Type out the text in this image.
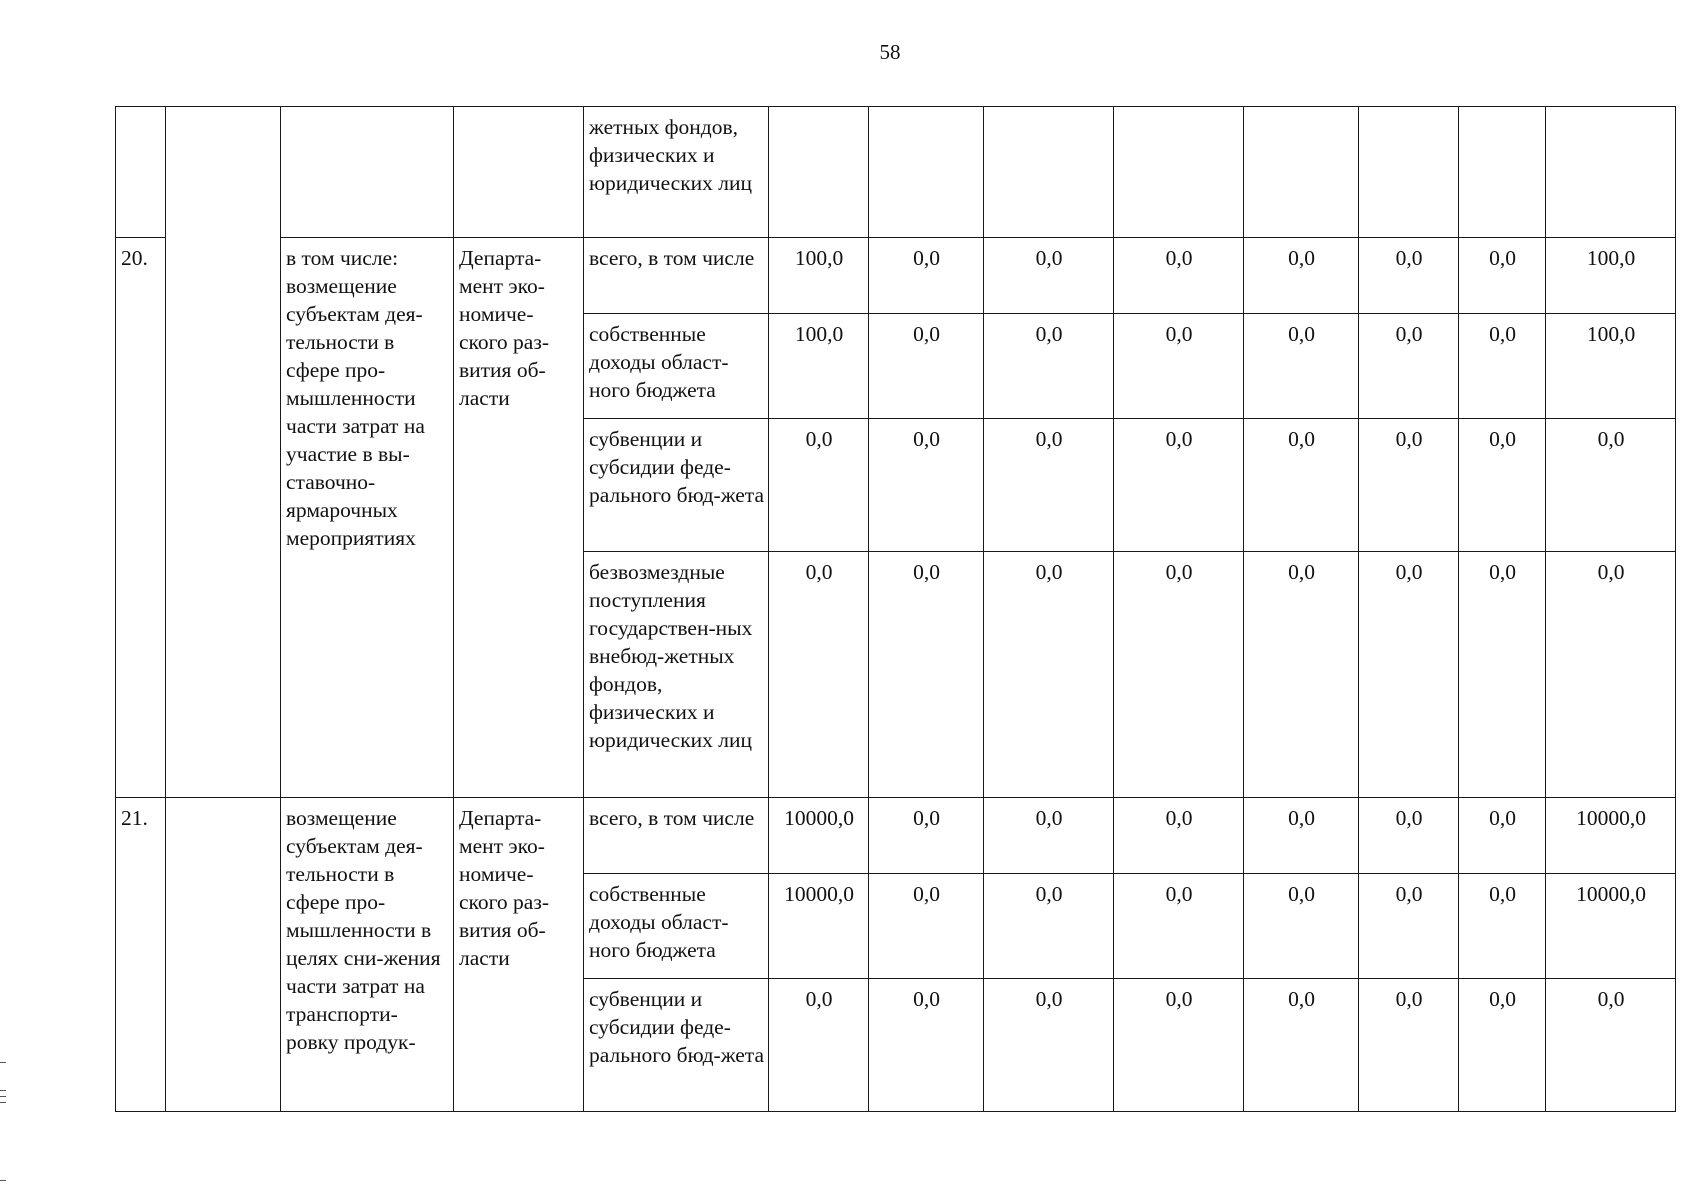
58
				жетных фондов, физических и юридических лиц								
20.		в том числе: возмещение субъектам дея-тельности в сфере про-мышленности части затрат на участие в вы-ставочно-ярмарочных мероприятиях	Департа-мент эко-номиче-ского раз-вития об-ласти	всего, в том числе	100,0	0,0	0,0	0,0	0,0	0,0	0,0	100,0
				собственные доходы област-ного бюджета	100,0	0,0	0,0	0,0	0,0	0,0	0,0	100,0
				субвенции и субсидии феде-рального бюд-жета	0,0	0,0	0,0	0,0	0,0	0,0	0,0	0,0
				безвозмездные поступления государствен-ных внебюд-жетных фондов, физических и юридических лиц	0,0	0,0	0,0	0,0	0,0	0,0	0,0	0,0
21.		возмещение субъектам дея-тельности в сфере про-мышленности в целях сни-жения части затрат на транспорти-ровку продук-	Департа-мент эко-номиче-ского раз-вития об-ласти	всего, в том числе	10000,0	0,0	0,0	0,0	0,0	0,0	0,0	10000,0
				собственные доходы област-ного бюджета	10000,0	0,0	0,0	0,0	0,0	0,0	0,0	10000,0
				субвенции и субсидии феде-рального бюд-жета	0,0	0,0	0,0	0,0	0,0	0,0	0,0	0,0
